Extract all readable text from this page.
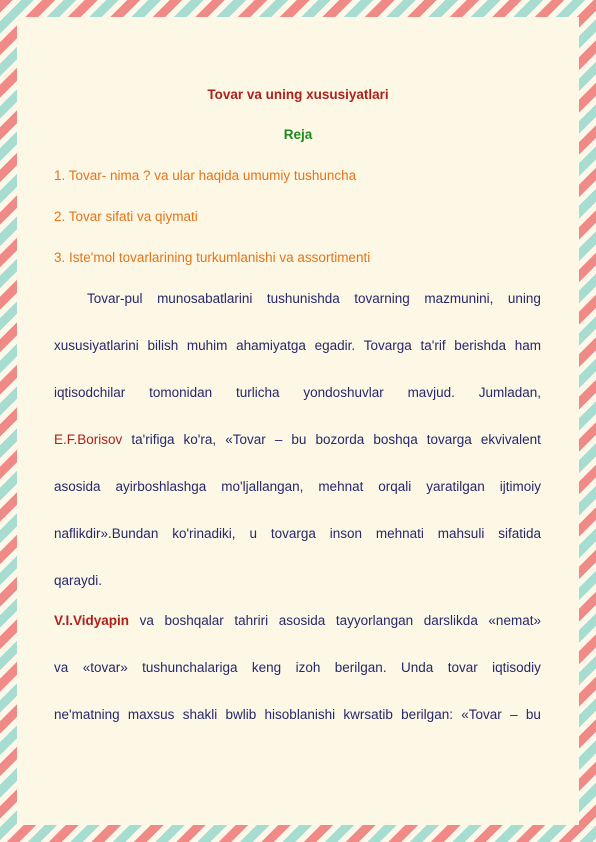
Tovar va uning xususiyatlari
Reja
1. Tovar- nima ? va ular haqida umumiy tushuncha
2. Tovar sifati va qiymati
3. Iste'mol tovarlarining turkumlanishi va assortimenti
Tovar-pul munosabatlarini tushunishda tovarning mazmunini, uning
xususiyatlarini bilish muhim ahamiyatga egadir. Tovarga ta'rif berishda ham
iqtisodchilar tomonidan turlicha yondoshuvlar mavjud. Jumladan,
E.F.Borisov ta'rifiga ko'ra, «Tovar – bu bozorda boshqa tovarga ekvivalent
asosida ayirboshlashga mo'ljallangan, mehnat orqali yaratilgan ijtimoiy
naflikdir».Bundan ko'rinadiki, u tovarga inson mehnati mahsuli sifatida
qaraydi.
V.I.Vidyapin va boshqalar tahriri asosida tayyorlangan darslikda «nemat»
va «tovar» tushunchalariga keng izoh berilgan. Unda tovar iqtisodiy
ne'matning maxsus shakli bwlib hisoblanishi kwrsatib berilgan: «Tovar – bu
